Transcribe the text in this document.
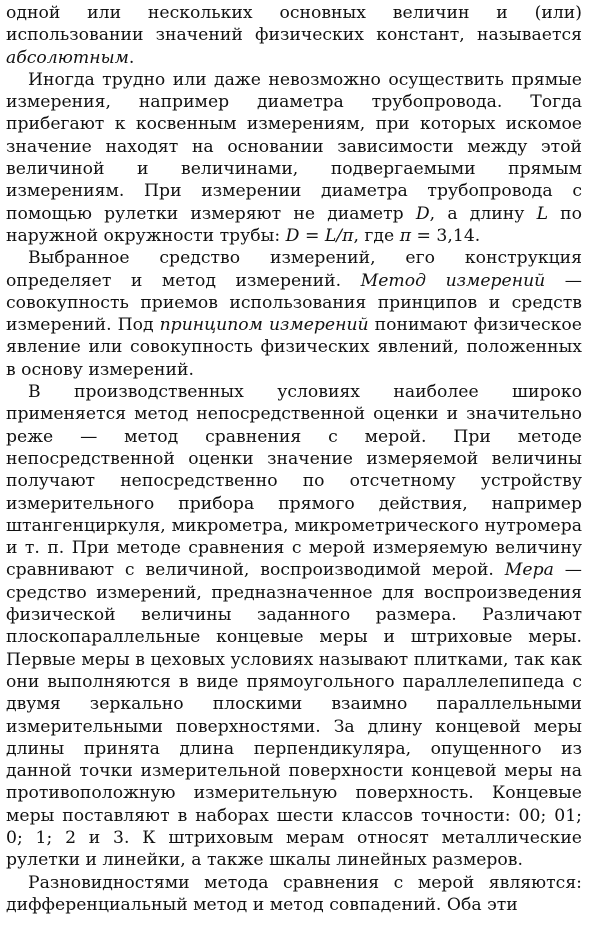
одной или нескольких основных величин и (или) использовании значений физических констант, называется абсолютным.

Иногда трудно или даже невозможно осуществить прямые измерения, например диаметра трубопровода. Тогда прибегают к косвенным измерениям, при которых искомое значение находят на основании зависимости между этой величиной и величинами, подвергаемыми прямым измерениям. При измерении диаметра трубопровода с помощью рулетки измеряют не диаметр D, а длину L по наружной окружности трубы: D = L/π, где π = 3,14.

Выбранное средство измерений, его конструкция определяет и метод измерений. Метод измерений — совокупность приемов использования принципов и средств измерений. Под принципом измерений понимают физическое явление или совокупность физических явлений, положенных в основу измерений.

В производственных условиях наиболее широко применяется метод непосредственной оценки и значительно реже — метод сравнения с мерой. При методе непосредственной оценки значение измеряемой величины получают непосредственно по отсчетному устройству измерительного прибора прямого действия, например штангенциркуля, микрометра, микрометрического нутромера и т. п. При методе сравнения с мерой измеряемую величину сравнивают с величиной, воспроизводимой мерой. Мера — средство измерений, предназначенное для воспроизведения физической величины заданного размера. Различают плоскопараллельные концевые меры и штриховые меры. Первые меры в цеховых условиях называют плитками, так как они выполняются в виде прямоугольного параллелепипеда с двумя зеркально плоскими взаимно параллельными измерительными поверхностями. За длину концевой меры длины принята длина перпендикуляра, опущенного из данной точки измерительной поверхности концевой меры на противоположную измерительную поверхность. Концевые меры поставляют в наборах шести классов точности: 00; 01; 0; 1; 2 и 3. К штриховым мерам относят металлические рулетки и линейки, а также шкалы линейных размеров.

Разновидностями метода сравнения с мерой являются: дифференциальный метод и метод совпадений. Оба эти
